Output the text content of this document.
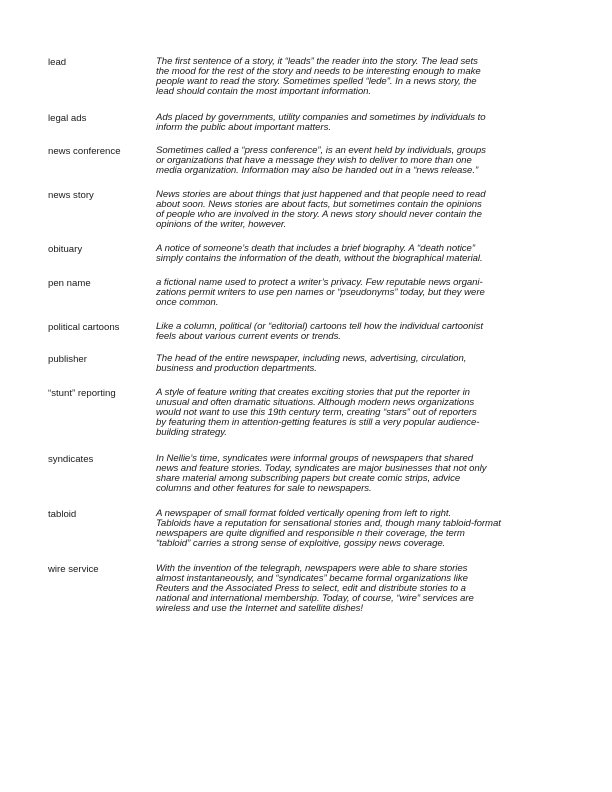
lead	The first sentence of a story, it “leads” the reader into the story. The lead sets
the mood for the rest of the story and needs to be interesting enough to make
people want to read the story. Sometimes spelled “lede”. In a news story, the
lead should contain the most important information.
legal ads	Ads placed by governments, utility companies and sometimes by individuals to
inform the public about important matters.
news conference	Sometimes called a “press conference”, is an event held by individuals, groups
or organizations that have a message they wish to deliver to more than one
media organization. Information may also be handed out in a “news release.”
news story	News stories are about things that just happened and that people need to read
about soon. News stories are about facts, but sometimes contain the opinions
of people who are involved in the story. A news story should never contain the
opinions of the writer, however.
obituary	A notice of someone’s death that includes a brief biography. A “death notice”
simply contains the information of the death, without the biographical material.
pen name	a fictional name used to protect a writer’s privacy. Few reputable news organi-
zations permit writers to use pen names or “pseudonyms” today, but they were
once common.
political cartoons	Like a column, political (or “editorial) cartoons tell how the individual cartoonist
feels about various current events or trends.
publisher	The head of the entire newspaper, including news, advertising, circulation,
business and production departments.
“stunt” reporting	A style of feature writing that creates exciting stories that put the reporter in
unusual and often dramatic situations. Although modern news organizations
would not want to use this 19th century term, creating “stars” out of reporters
by featuring them in attention-getting features is still a very popular audience-
building strategy.
syndicates	In Nellie’s time, syndicates were informal groups of newspapers that shared
news and feature stories. Today, syndicates are major businesses that not only
share material among subscribing papers but create comic strips, advice
columns and other features for sale to newspapers.
tabloid	A newspaper of small format folded vertically opening from left to right.
Tabloids have a reputation for sensational stories and, though many tabloid-format
newspapers are quite dignified and responsible n their coverage, the term
“tabloid” carries a strong sense of exploitive, gossipy news coverage.
wire service	With the invention of the telegraph, newspapers were able to share stories
almost instantaneously, and “syndicates” became formal organizations like
Reuters and the Associated Press to select, edit and distribute stories to a
national and international membership. Today, of course, “wire” services are
wireless and use the Internet and satellite dishes!
